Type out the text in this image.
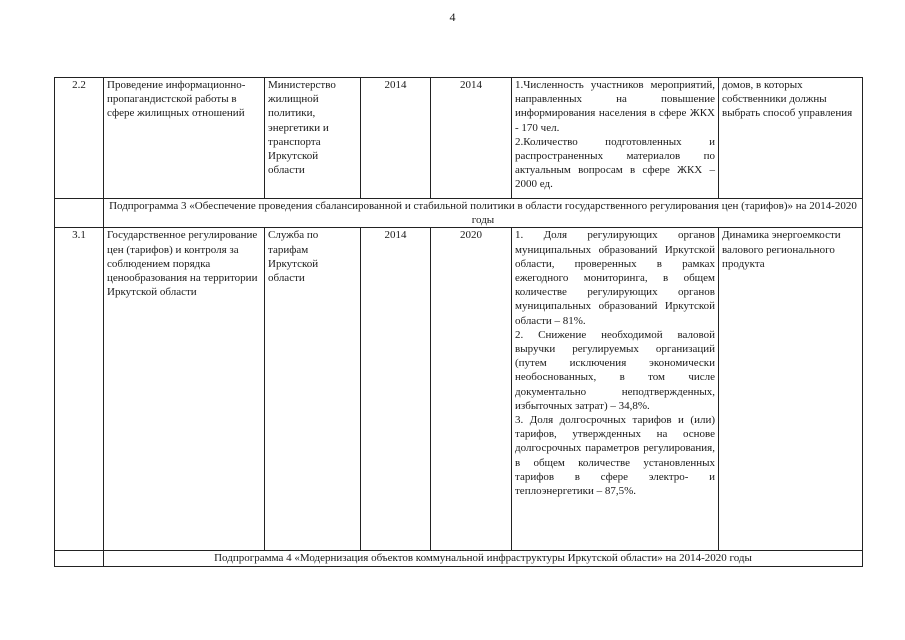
4
2.2	Проведение информационно-пропагандистской работы в сфере жилищных отношений	Министерство жилищной политики, энергетики и транспорта Иркутской области	2014	2014	1.Численность участников мероприятий, направленных на повышение информирования населения в сфере ЖКХ - 170 чел.
2.Количество подготовленных и распространенных материалов по актуальным вопросам в сфере ЖКХ – 2000 ед.	домов, в которых собственники должны выбрать способ управления
	Подпрограмма 3 «Обеспечение проведения сбалансированной и стабильной политики в области государственного регулирования цен (тарифов)» на 2014-2020 годы					
3.1	Государственное регулирование цен (тарифов) и контроля за соблюдением порядка ценообразования на территории Иркутской области	Служба по тарифам Иркутской области	2014	2020	1. Доля регулирующих органов муниципальных образований Иркутской области, проверенных в рамках ежегодного мониторинга, в общем количестве регулирующих органов муниципальных образований Иркутской области – 81%.
2. Снижение необходимой валовой выручки регулируемых организаций (путем исключения экономически необоснованных, в том числе документально неподтвержденных, избыточных затрат) – 34,8%.
3. Доля долгосрочных тарифов и (или) тарифов, утвержденных на основе долгосрочных параметров регулирования, в общем количестве установленных тарифов в сфере электро- и теплоэнергетики – 87,5%.	Динамика энергоемкости валового регионального продукта
	Подпрограмма 4 «Модернизация объектов коммунальной инфраструктуры Иркутской области» на 2014-2020 годы					
